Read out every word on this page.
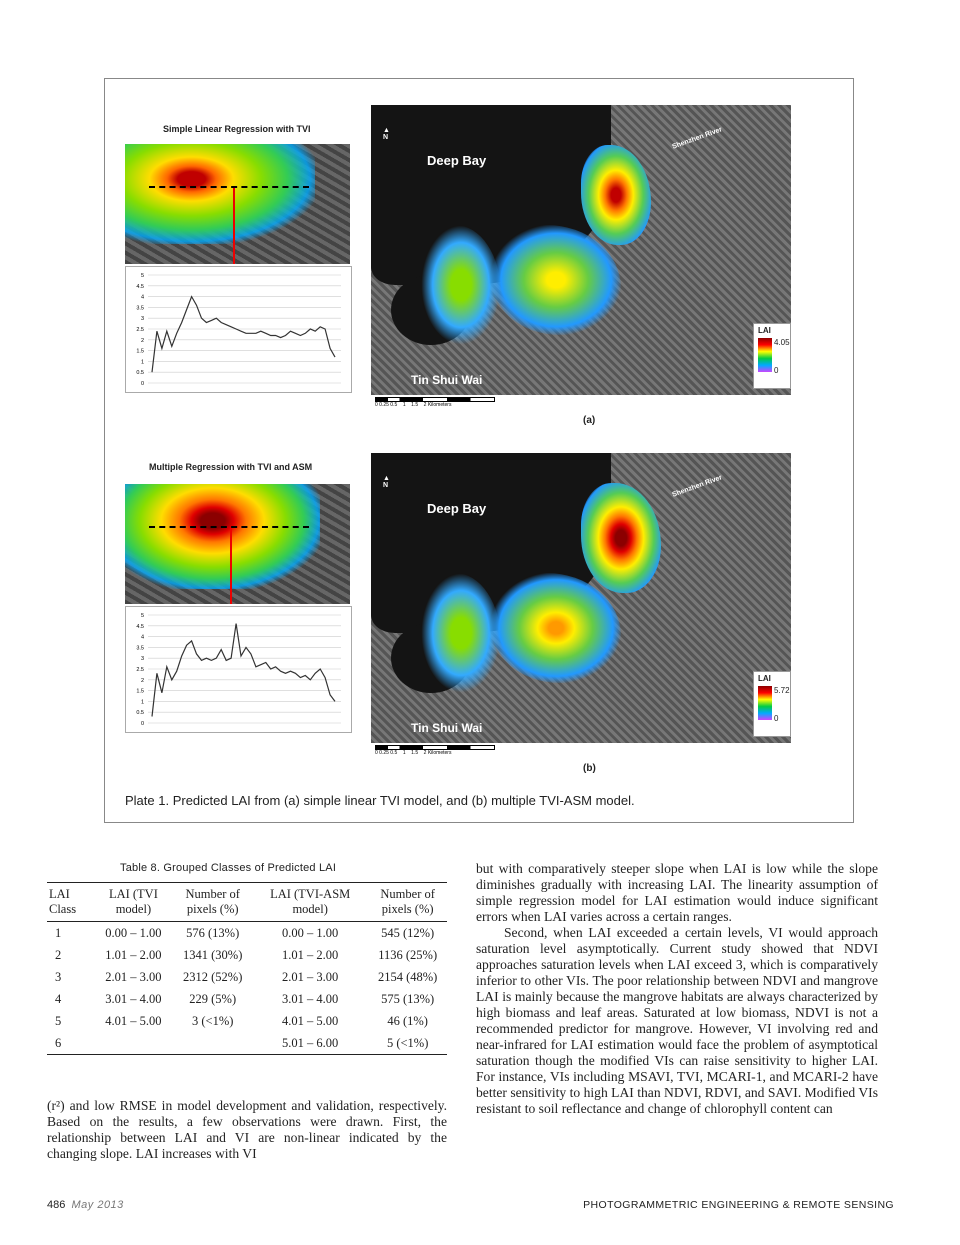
Simple Linear Regression with TVI
0
0.5
1
1.5
2
2.5
3
3.5
4
4.5
5
Deep Bay
Tin Shui Wai
Shenzhen River
▲
N
LAI
4.05
0
0 0.25 0.5 1 1.5 2 Kilometers
(a)
Multiple Regression with TVI and ASM
0
0.5
1
1.5
2
2.5
3
3.5
4
4.5
5
Deep Bay
Tin Shui Wai
Shenzhen River
▲
N
LAI
5.72
0
0 0.25 0.5 1 1.5 2 Kilometers
(b)
Plate 1. Predicted LAI from (a) simple linear TVI model, and (b) multiple TVI-ASM model.
Table 8. Grouped Classes of Predicted LAI
LAI Class	LAI (TVI model)	Number of pixels (%)	LAI (TVI-ASM model)	Number of pixels (%)
1	0.00 – 1.00	576 (13%)	0.00 – 1.00	545 (12%)
2	1.01 – 2.00	1341 (30%)	1.01 – 2.00	1136 (25%)
3	2.01 – 3.00	2312 (52%)	2.01 – 3.00	2154 (48%)
4	3.01 – 4.00	229 (5%)	3.01 – 4.00	575 (13%)
5	4.01 – 5.00	3 (<1%)	4.01 – 5.00	46 (1%)
6			5.01 – 6.00	5 (<1%)

(r²) and low RMSE in model development and validation, respectively. Based on the results, a few observations were drawn. First, the relationship between LAI and VI are non-linear indicated by the changing slope. LAI increases with VI

but with comparatively steeper slope when LAI is low while the slope diminishes gradually with increasing LAI. The linearity assumption of simple regression model for LAI estimation would induce significant errors when LAI varies across a certain ranges.

Second, when LAI exceeded a certain levels, VI would approach saturation level asymptotically. Current study showed that NDVI approaches saturation levels when LAI exceed 3, which is comparatively inferior to other VIs. The poor relationship between NDVI and mangrove LAI is mainly because the mangrove habitats are always characterized by high biomass and leaf areas. Saturated at low biomass, NDVI is not a recommended predictor for mangrove. However, VI involving red and near-infrared for LAI estimation would face the problem of asymptotical saturation though the modified VIs can raise sensitivity to higher LAI. For instance, VIs including MSAVI, TVI, MCARI-1, and MCARI-2 have better sensitivity to high LAI than NDVI, RDVI, and SAVI. Modified VIs resistant to soil reflectance and change of chlorophyll content can

486 May 2013	PHOTOGRAMMETRIC ENGINEERING & REMOTE SENSING
